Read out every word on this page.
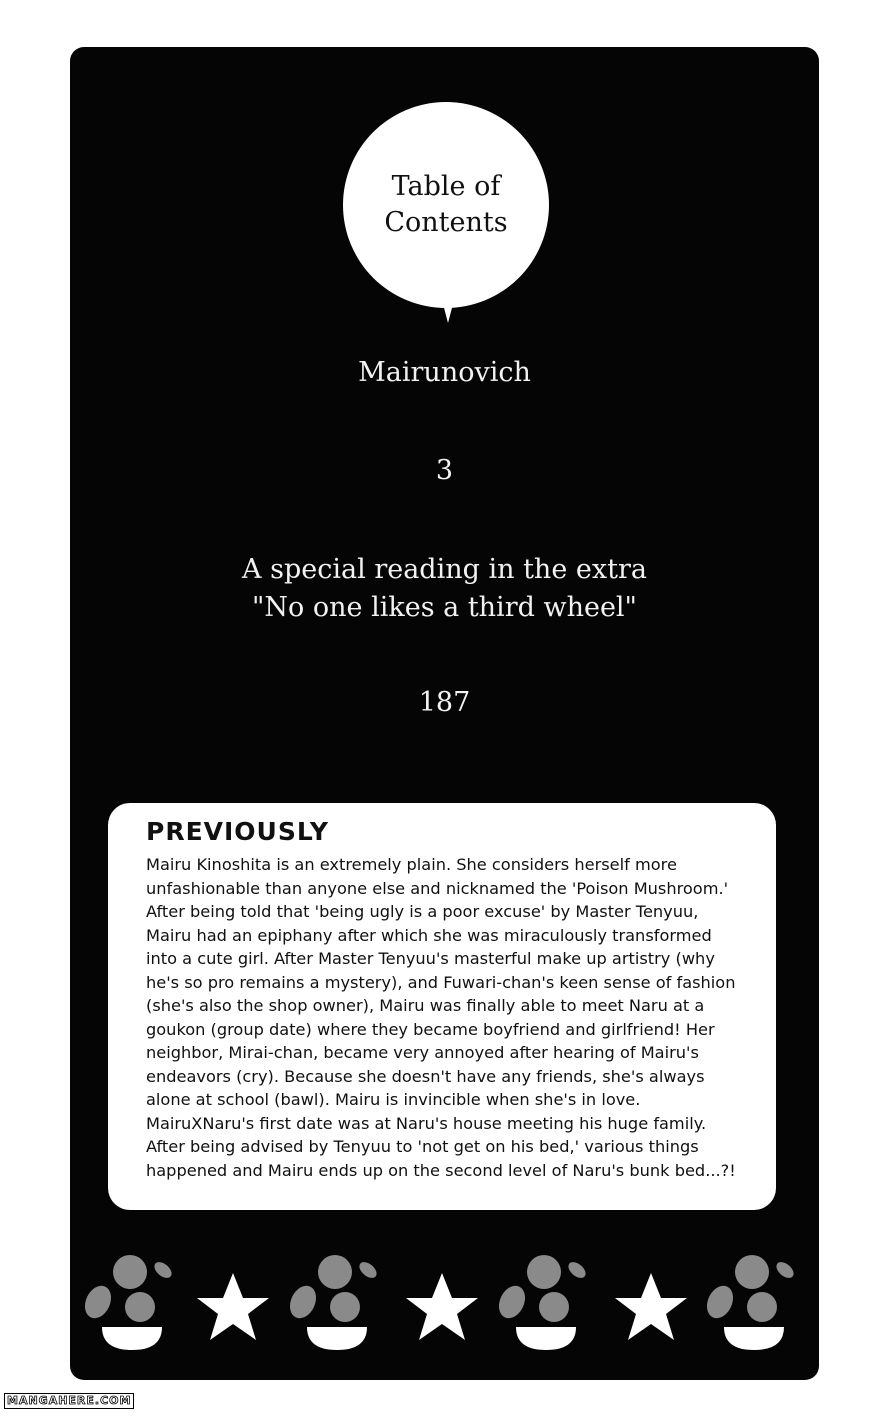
Table of Contents
Mairunovich
3
A special reading in the extra
"No one likes a third wheel"
187
PREVIOUSLY
Mairu Kinoshita is an extremely plain. She considers herself more unfashionable than anyone else and nicknamed the 'Poison Mushroom.' After being told that 'being ugly is a poor excuse' by Master Tenyuu, Mairu had an epiphany after which she was miraculously transformed into a cute girl. After Master Tenyuu's masterful make up artistry (why he's so pro remains a mystery), and Fuwari-chan's keen sense of fashion (she's also the shop owner), Mairu was finally able to meet Naru at a goukon (group date) where they became boyfriend and girlfriend! Her neighbor, Mirai-chan, became very annoyed after hearing of Mairu's endeavors (cry). Because she doesn't have any friends, she's always alone at school (bawl). Mairu is invincible when she's in love. MairuXNaru's first date was at Naru's house meeting his huge family. After being advised by Tenyuu to 'not get on his bed,' various things happened and Mairu ends up on the second level of Naru's bunk bed...?!
MANGAHERE.COM
